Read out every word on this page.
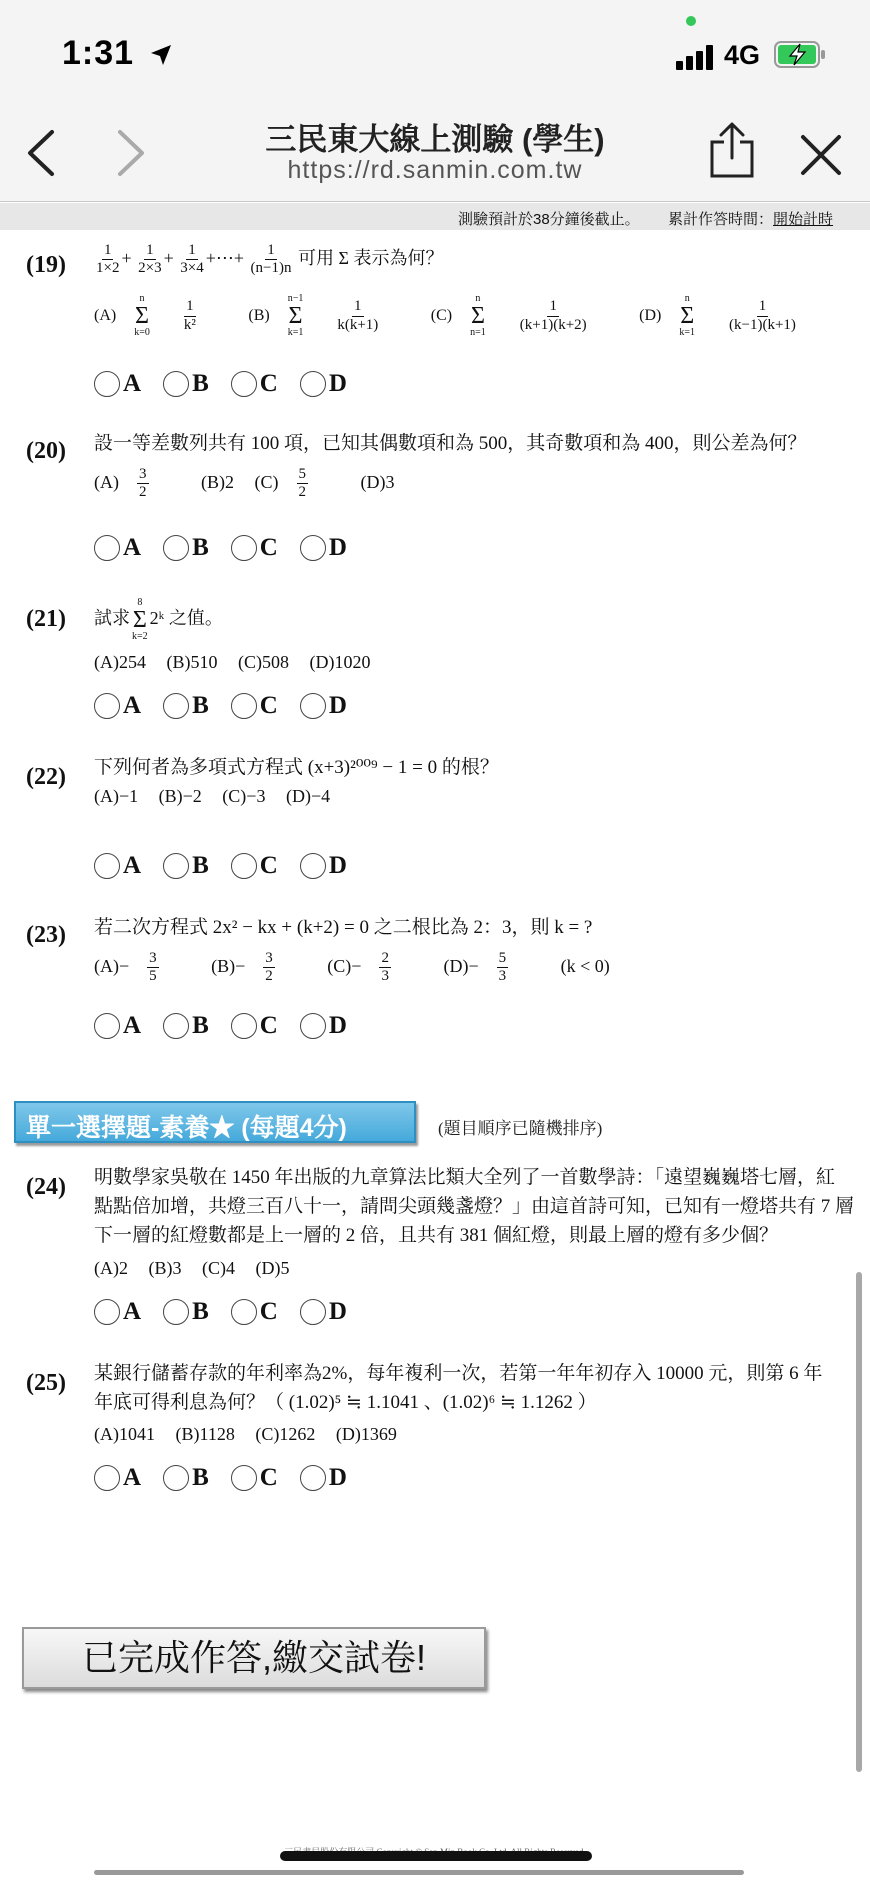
1:31	4G
三民東大線上測驗 (學生)
https://rd.sanmin.com.tw
測驗預計於38分鐘後截止。 累計作答時間：開始計時
$(19) \frac{1}{1\times 2} + \frac{1}{2\times 3} + \frac{1}{3\times 4}$ +⋯+ $\frac{1}{(n-1)n}$ 可用 Σ 表示為何？
(A)
n
Σ
$k=0 \frac{1}{\text{k²}}$
(B)
n−1
Σ
$k=1 \frac{1}{k(k+1)}$
(C)
n
Σ
$n=1 \frac{1}{(k+1)(k+2)}$
(D)
n
Σ
$k=1 \frac{1}{(k-1)(k+1)}$
A B C D
(20) 設一等差數列共有 100 項，已知其偶數項和為 500，其奇數項和為 400，則公差為何？
$(A) \frac{3}{2} (B)2$ $(C) \frac{5}{2} (D)3$
A B C D
(21) 試求
8
Σ
k=2
2ᵏ 之值。
(A)254 (B)510 (C)508 (D)1020
A B C D
(22) 下列何者為多項式方程式 (x+3)²⁰⁰⁹ − 1 = 0 的根？
(A)−1 (B)−2 (C)−3 (D)−4
A B C D
(23) 若二次方程式 2x² − kx + (k+2) = 0 之二根比為 2：3，則 k = ?
$(A)- \frac{3}{5} (B)- \frac{3}{2} (C)- \frac{2}{3} (D)- \frac{5}{3} (k < 0)$
A B C D
單一選擇題-素養★ (每題4分)	(題目順序已隨機排序)
(24) 明數學家吳敬在 1450 年出版的九章算法比類大全列了一首數學詩：「遠望巍巍塔七層，紅
點點倍加增，共燈三百八十一，請問尖頭幾盞燈？」由這首詩可知，已知有一燈塔共有 7 層
下一層的紅燈數都是上一層的 2 倍，且共有 381 個紅燈，則最上層的燈有多少個？
(A)2 (B)3 (C)4 (D)5
A B C D
(25) 某銀行儲蓄存款的年利率為2%，每年複利一次，若第一年年初存入 10000 元，則第 6 年
年底可得利息為何？（ (1.02)⁵ ≒ 1.1041 、(1.02)⁶ ≒ 1.1262 ）
(A)1041 (B)1128 (C)1262 (D)1369
A B C D
已完成作答,繳交試卷!
